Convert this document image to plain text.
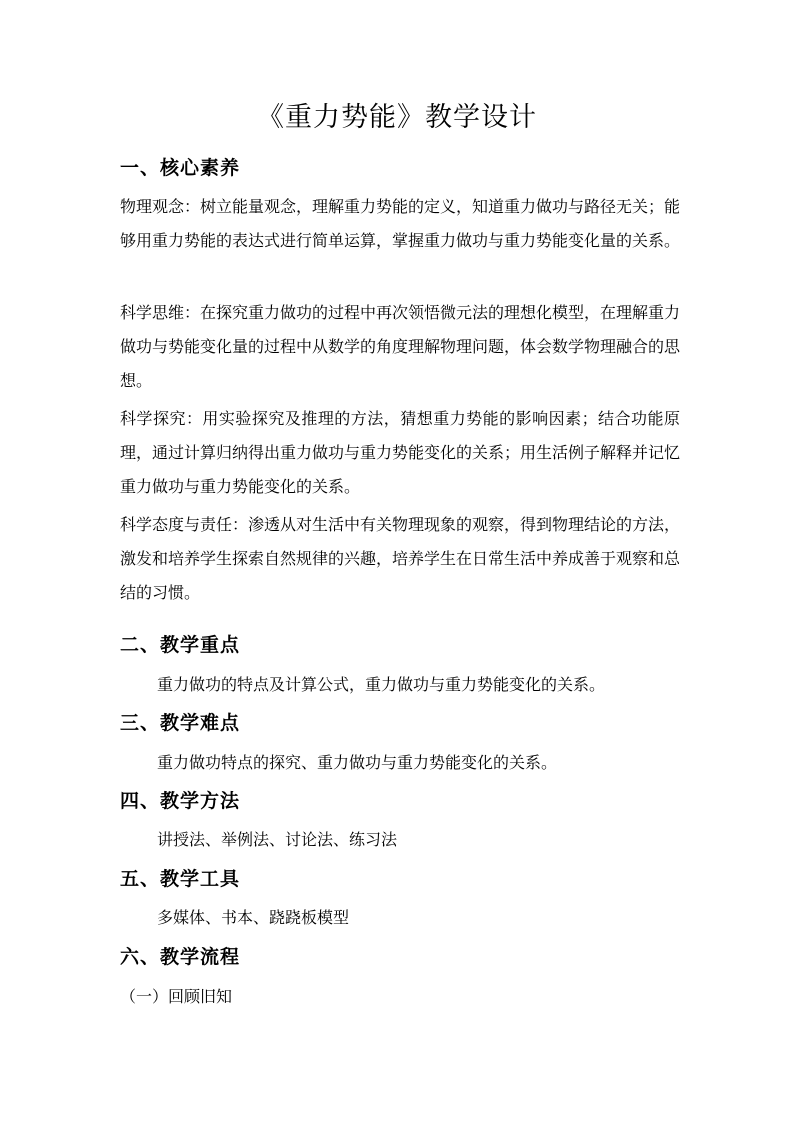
《重力势能》教学设计
一、核心素养
物理观念：树立能量观念，理解重力势能的定义，知道重力做功与路径无关；能够用重力势能的表达式进行简单运算，掌握重力做功与重力势能变化量的关系。
科学思维：在探究重力做功的过程中再次领悟微元法的理想化模型，在理解重力做功与势能变化量的过程中从数学的角度理解物理问题，体会数学物理融合的思想。
科学探究：用实验探究及推理的方法，猜想重力势能的影响因素；结合功能原理，通过计算归纳得出重力做功与重力势能变化的关系；用生活例子解释并记忆重力做功与重力势能变化的关系。
科学态度与责任：渗透从对生活中有关物理现象的观察，得到物理结论的方法，激发和培养学生探索自然规律的兴趣，培养学生在日常生活中养成善于观察和总结的习惯。
二、教学重点
重力做功的特点及计算公式，重力做功与重力势能变化的关系。
三、教学难点
重力做功特点的探究、重力做功与重力势能变化的关系。
四、教学方法
讲授法、举例法、讨论法、练习法
五、教学工具
多媒体、书本、跷跷板模型
六、教学流程
（一）回顾旧知
